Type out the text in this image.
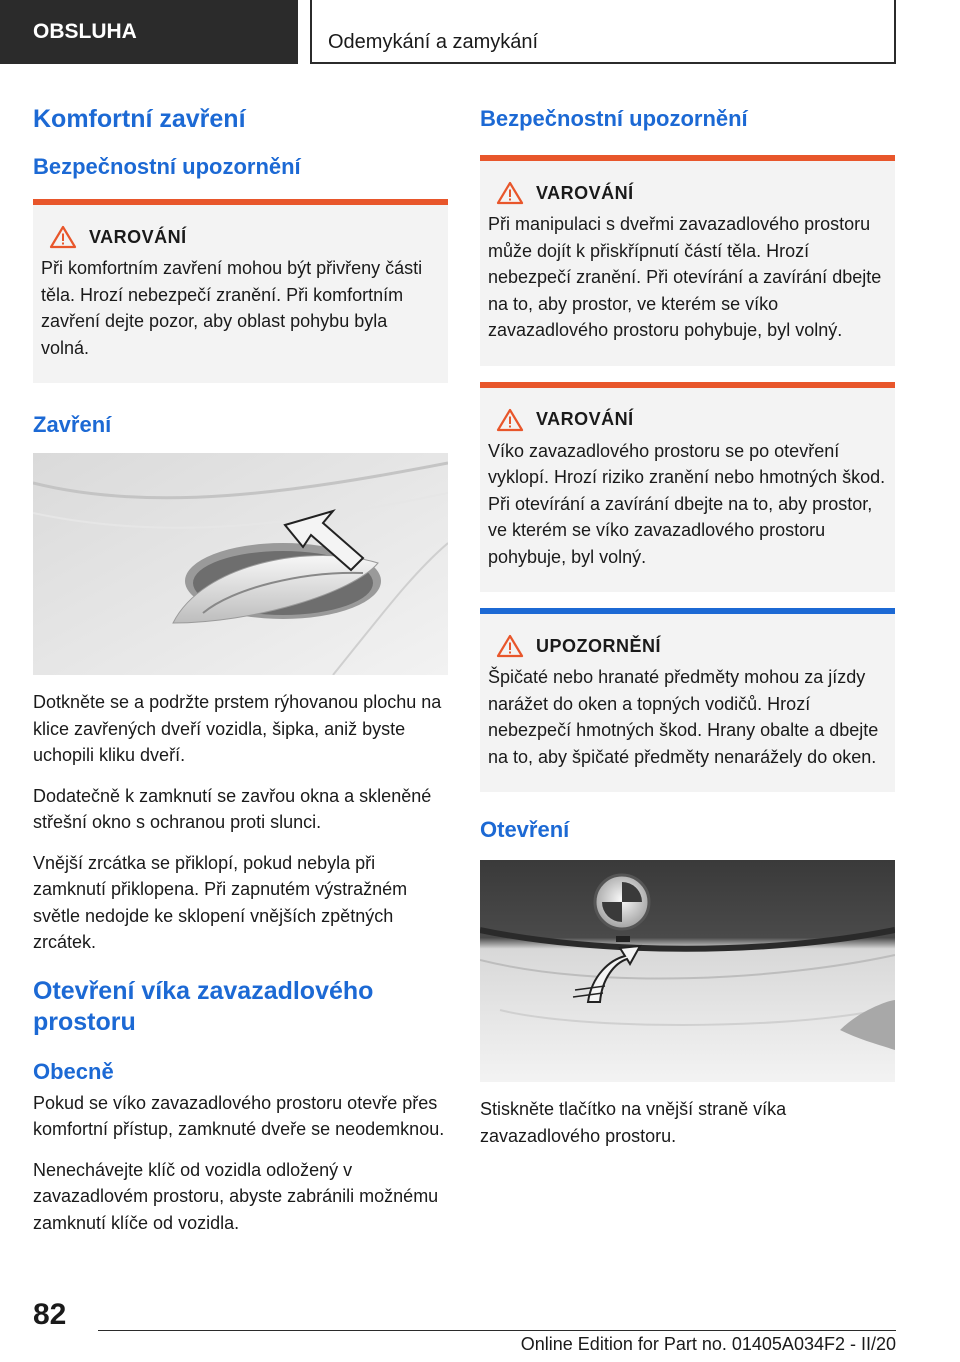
OBSLUHA	Odemykání a zamykání
Komfortní zavření
Bezpečnostní upozornění
VAROVÁNÍ
Při komfortním zavření mohou být přivřeny části těla. Hrozí nebezpečí zranění. Při komfortním zavření dejte pozor, aby oblast pohybu byla volná.
Zavření

Dotkněte se a podržte prstem rýhovanou plochu na klice zavřených dveří vozidla, šipka, aniž byste uchopili kliku dveří.

Dodatečně k zamknutí se zavřou okna a skleněné střešní okno s ochranou proti slunci.

Vnější zrcátka se přiklopí, pokud nebyla při zamknutí přiklopena. Při zapnutém výstražném světle nedojde ke sklopení vnějších zpětných zrcátek.

Otevření víka zavazadlového prostoru
Obecně

Pokud se víko zavazadlového prostoru otevře přes komfortní přístup, zamknuté dveře se neodemknou.

Nenechávejte klíč od vozidla odložený v zavazadlovém prostoru, abyste zabránili možnému zamknutí klíče od vozidla.

Bezpečnostní upozornění
VAROVÁNÍ
Při manipulaci s dveřmi zavazadlového prostoru může dojít k přiskřípnutí částí těla. Hrozí nebezpečí zranění. Při otevírání a zavírání dbejte na to, aby prostor, ve kterém se víko zavazadlového prostoru pohybuje, byl volný.
VAROVÁNÍ
Víko zavazadlového prostoru se po otevření vyklopí. Hrozí riziko zranění nebo hmotných škod. Při otevírání a zavírání dbejte na to, aby prostor, ve kterém se víko zavazadlového prostoru pohybuje, byl volný.
UPOZORNĚNÍ
Špičaté nebo hranaté předměty mohou za jízdy narážet do oken a topných vodičů. Hrozí nebezpečí hmotných škod. Hrany obalte a dbejte na to, aby špičaté předměty nenarážely do oken.
Otevření

Stiskněte tlačítko na vnější straně víka zavazadlového prostoru.

82
Online Edition for Part no. 01405A034F2 - II/20
